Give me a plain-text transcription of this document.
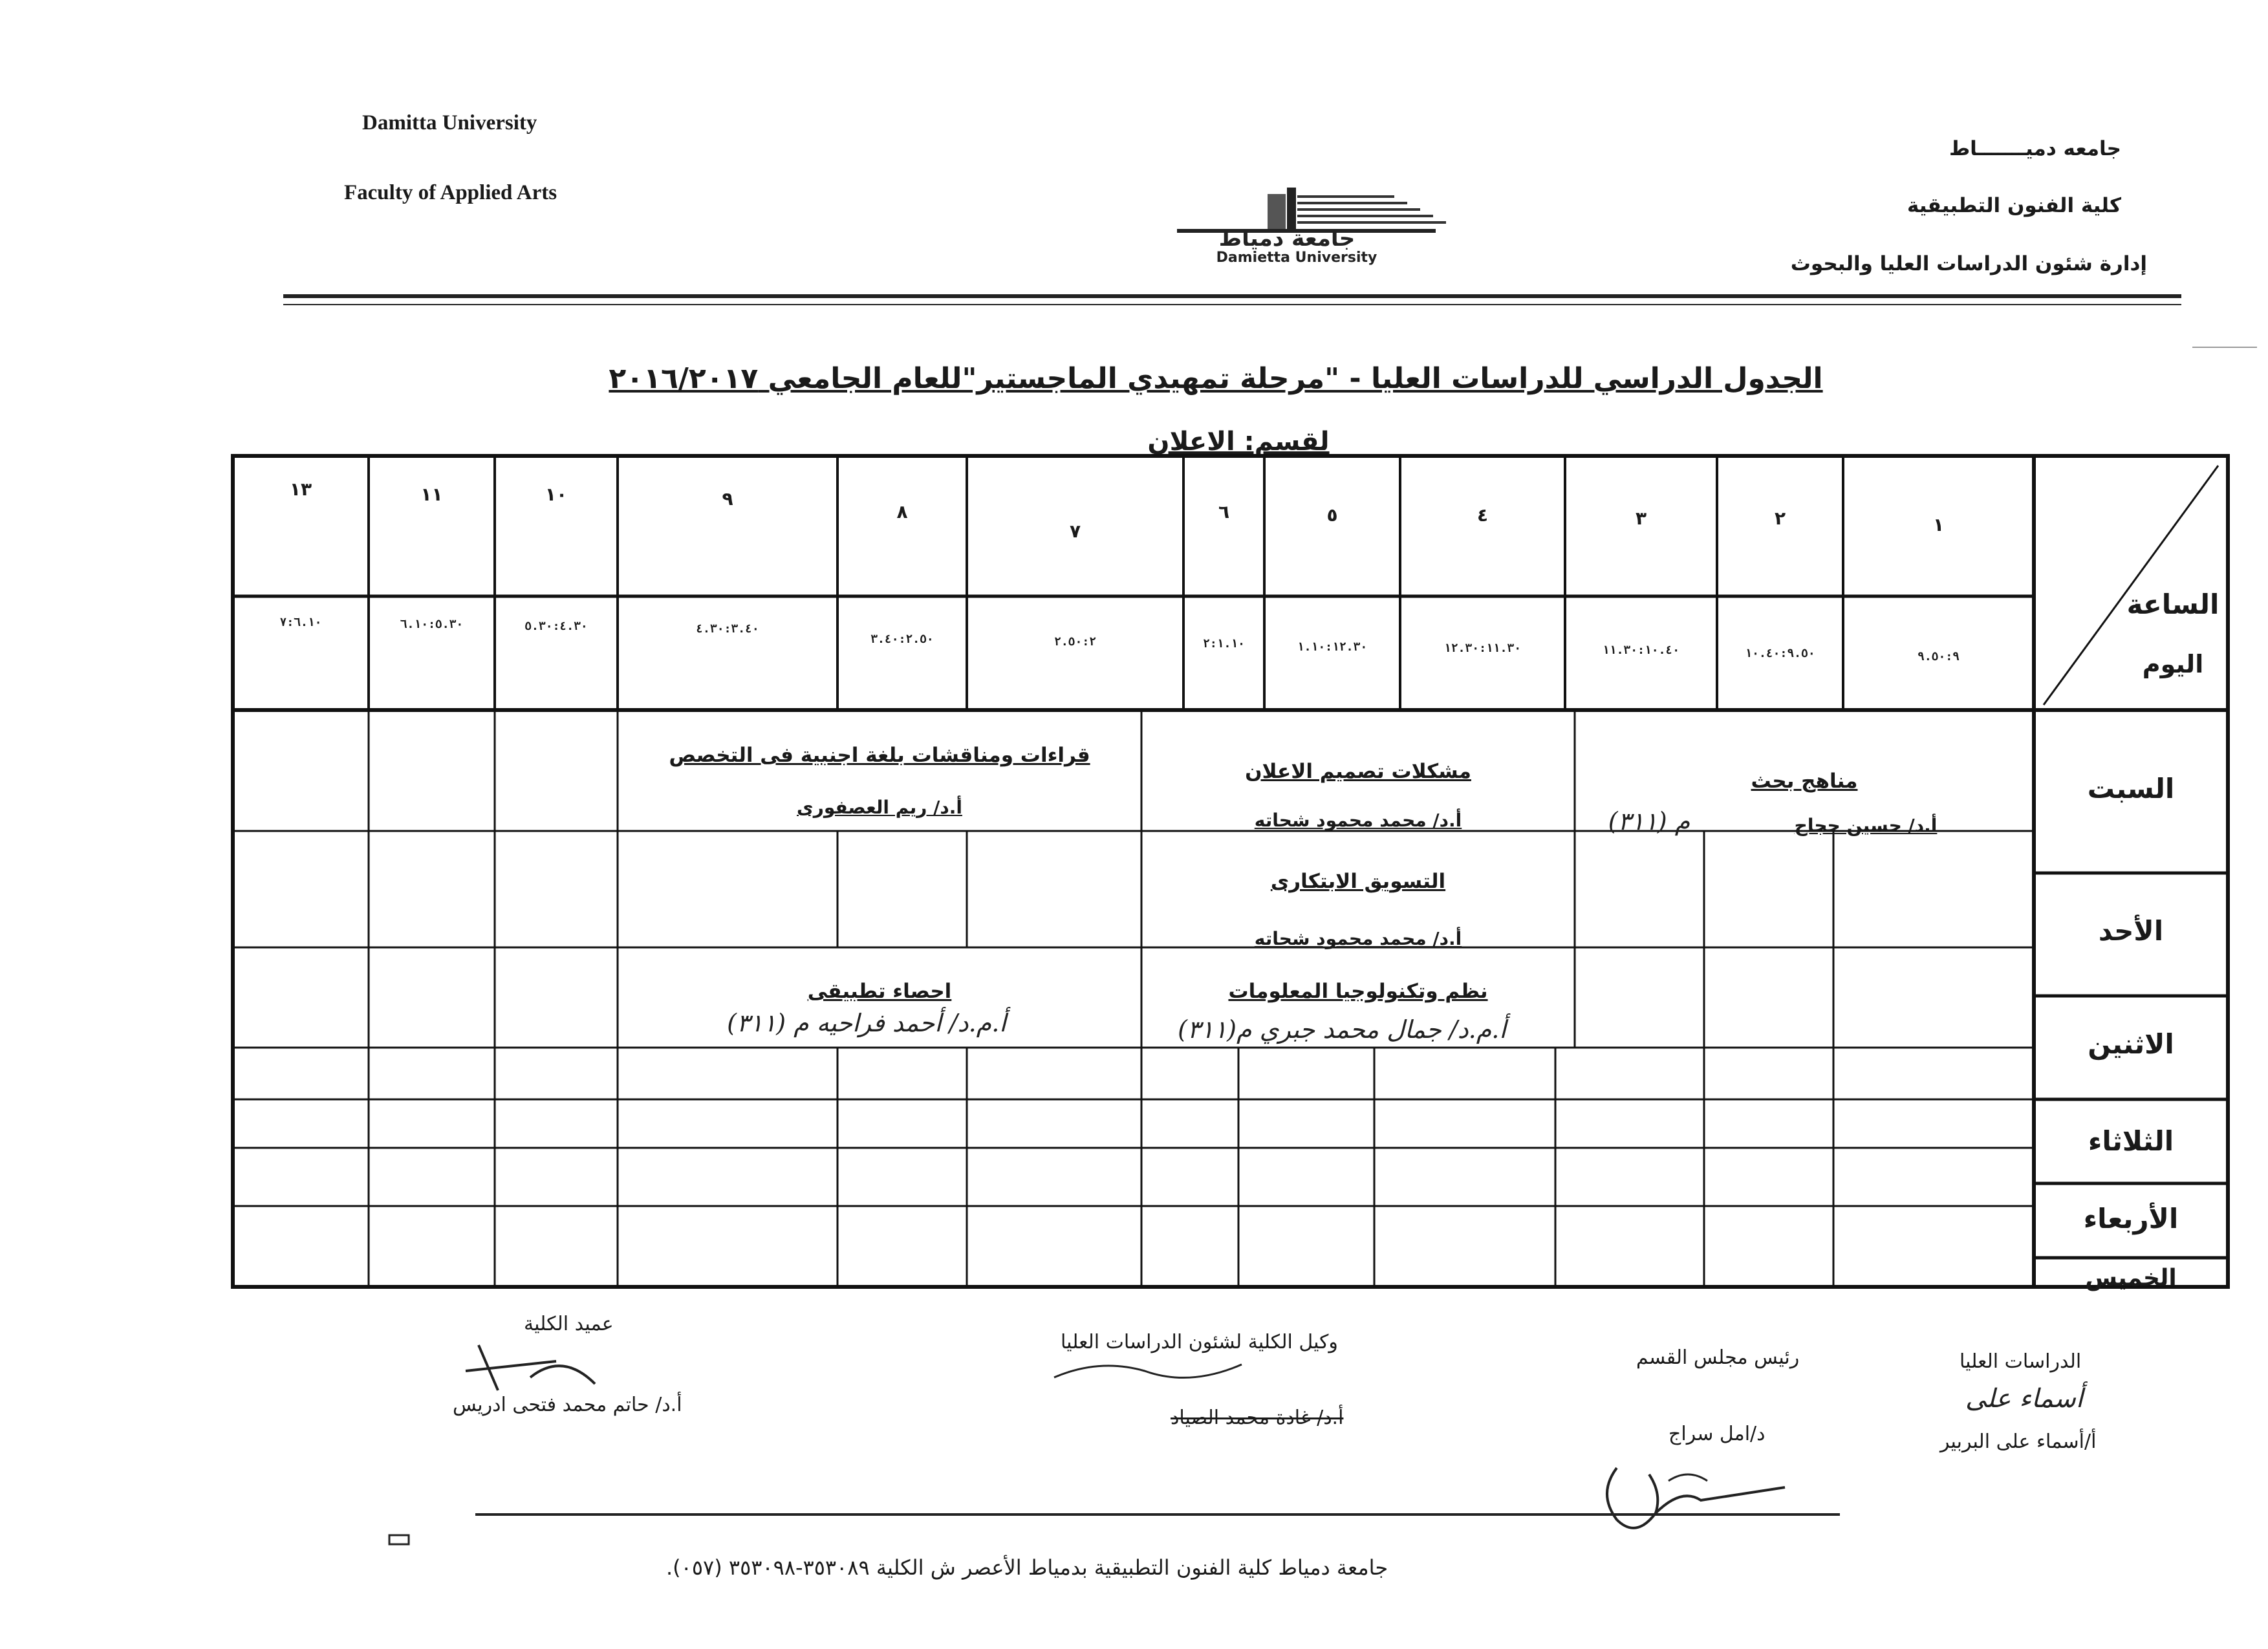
Damitta University
Faculty of Applied Arts
جامعه دميـــــــاط
كلية الفنون التطبيقية
إدارة شئون الدراسات العليا والبحوث
جامعة دمياط
Damietta University
الجدول الدراسي للدراسات العليا - "مرحلة تمهيدي الماجستير"للعام الجامعي ٢٠١٦/٢٠١٧
لقسم: الاعلان
١
٢
٣
٤
٥
٦
٧
٨
٩
١٠
١١
١٣
٩.٥٠:٩
١٠.٤٠:٩.٥٠
١١.٣٠:١٠.٤٠
١٢.٣٠:١١.٣٠
١.١٠:١٢.٣٠
٢:١.١٠
٢.٥٠:٢
٣.٤٠:٢.٥٠
٤.٣٠:٣.٤٠
٥.٣٠:٤.٣٠
٦.١٠:٥.٣٠
٧:٦.١٠
الساعة
اليوم
السبت
الأحد
الاثنين
الثلاثاء
الأربعاء
الخميس
مناهج بحث
أ.د/ حسين حجاج
م (٣١١)
مشكلات تصميم الاعلان
أ.د/ محمد محمود شحاته
قراءات ومناقشات بلغة اجنبية فى التخصص
أ.د/ ريم العصفورى
التسويق الابتكارى
أ.د/ محمد محمود شحاته
نظم وتكنولوجيا المعلومات
أ.م.د/ جمال محمد جبري م(٣١١)
احصاء تطبيقى
أ.م.د/ أحمد فراحيه م (٣١١)
الدراسات العليا
أسماء على
أ/أسماء على البربير
رئيس مجلس القسم
د/امل سراج
وكيل الكلية لشئون الدراسات العليا
أ.د/ غادة محمد الصياد
عميد الكلية
أ.د/ حاتم محمد فتحى ادريس
جامعة دمياط كلية الفنون التطبيقية بدمياط الأعصر ش الكلية ٣٥٣٠٨٩-٣٥٣٠٩٨ (٠٥٧).
